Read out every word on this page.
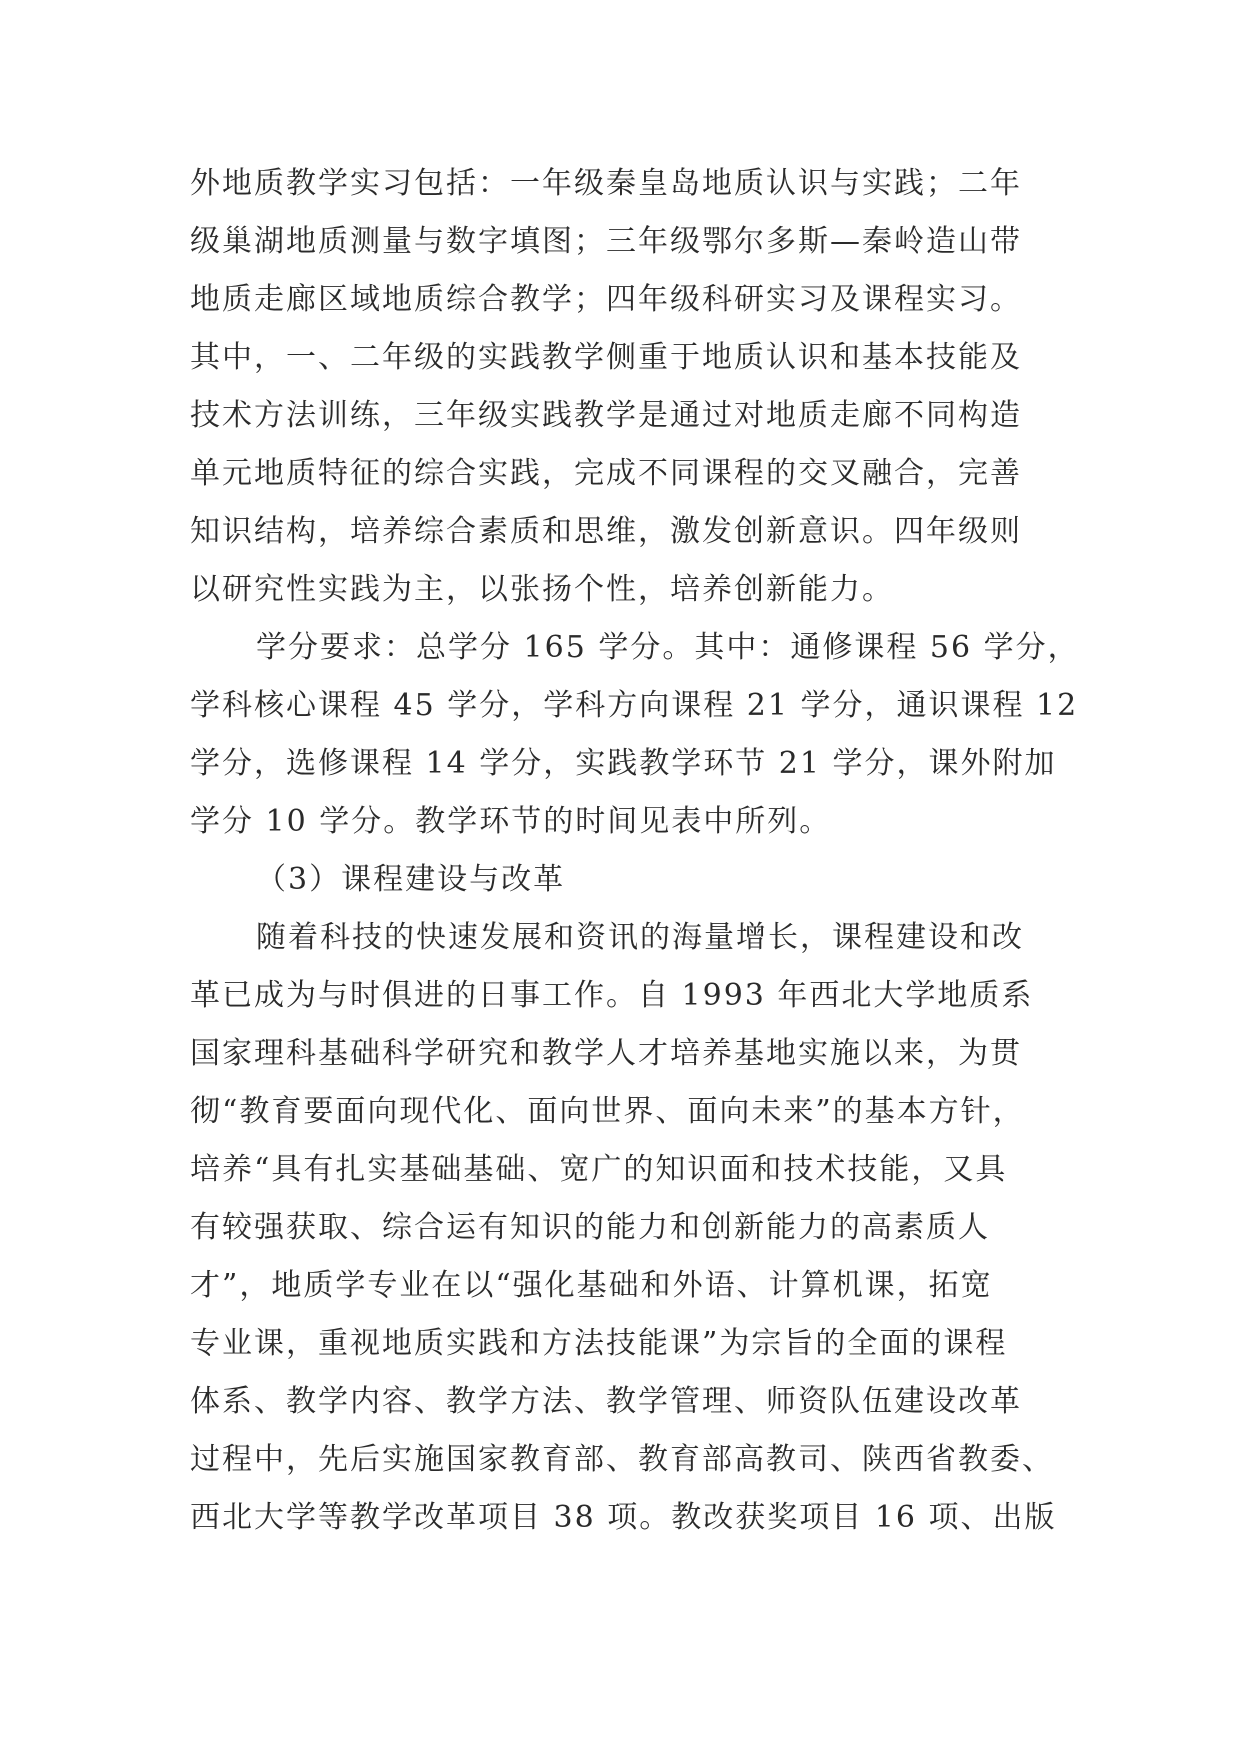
外地质教学实习包括：一年级秦皇岛地质认识与实践；二年
级巢湖地质测量与数字填图；三年级鄂尔多斯—秦岭造山带
地质走廊区域地质综合教学；四年级科研实习及课程实习。
其中，一、二年级的实践教学侧重于地质认识和基本技能及
技术方法训练，三年级实践教学是通过对地质走廊不同构造
单元地质特征的综合实践，完成不同课程的交叉融合，完善
知识结构，培养综合素质和思维，激发创新意识。四年级则
以研究性实践为主，以张扬个性，培养创新能力。
学分要求：总学分 165 学分。其中：通修课程 56 学分，
学科核心课程 45 学分，学科方向课程 21 学分，通识课程 12
学分，选修课程 14 学分，实践教学环节 21 学分，课外附加
学分 10 学分。教学环节的时间见表中所列。
（3）课程建设与改革
随着科技的快速发展和资讯的海量增长，课程建设和改
革已成为与时俱进的日事工作。自 1993 年西北大学地质系
国家理科基础科学研究和教学人才培养基地实施以来，为贯
彻“教育要面向现代化、面向世界、面向未来”的基本方针，
培养“具有扎实基础基础、宽广的知识面和技术技能，又具
有较强获取、综合运有知识的能力和创新能力的高素质人
才”，地质学专业在以“强化基础和外语、计算机课，拓宽
专业课，重视地质实践和方法技能课”为宗旨的全面的课程
体系、教学内容、教学方法、教学管理、师资队伍建设改革
过程中，先后实施国家教育部、教育部高教司、陕西省教委、
西北大学等教学改革项目 38 项。教改获奖项目 16 项、出版
